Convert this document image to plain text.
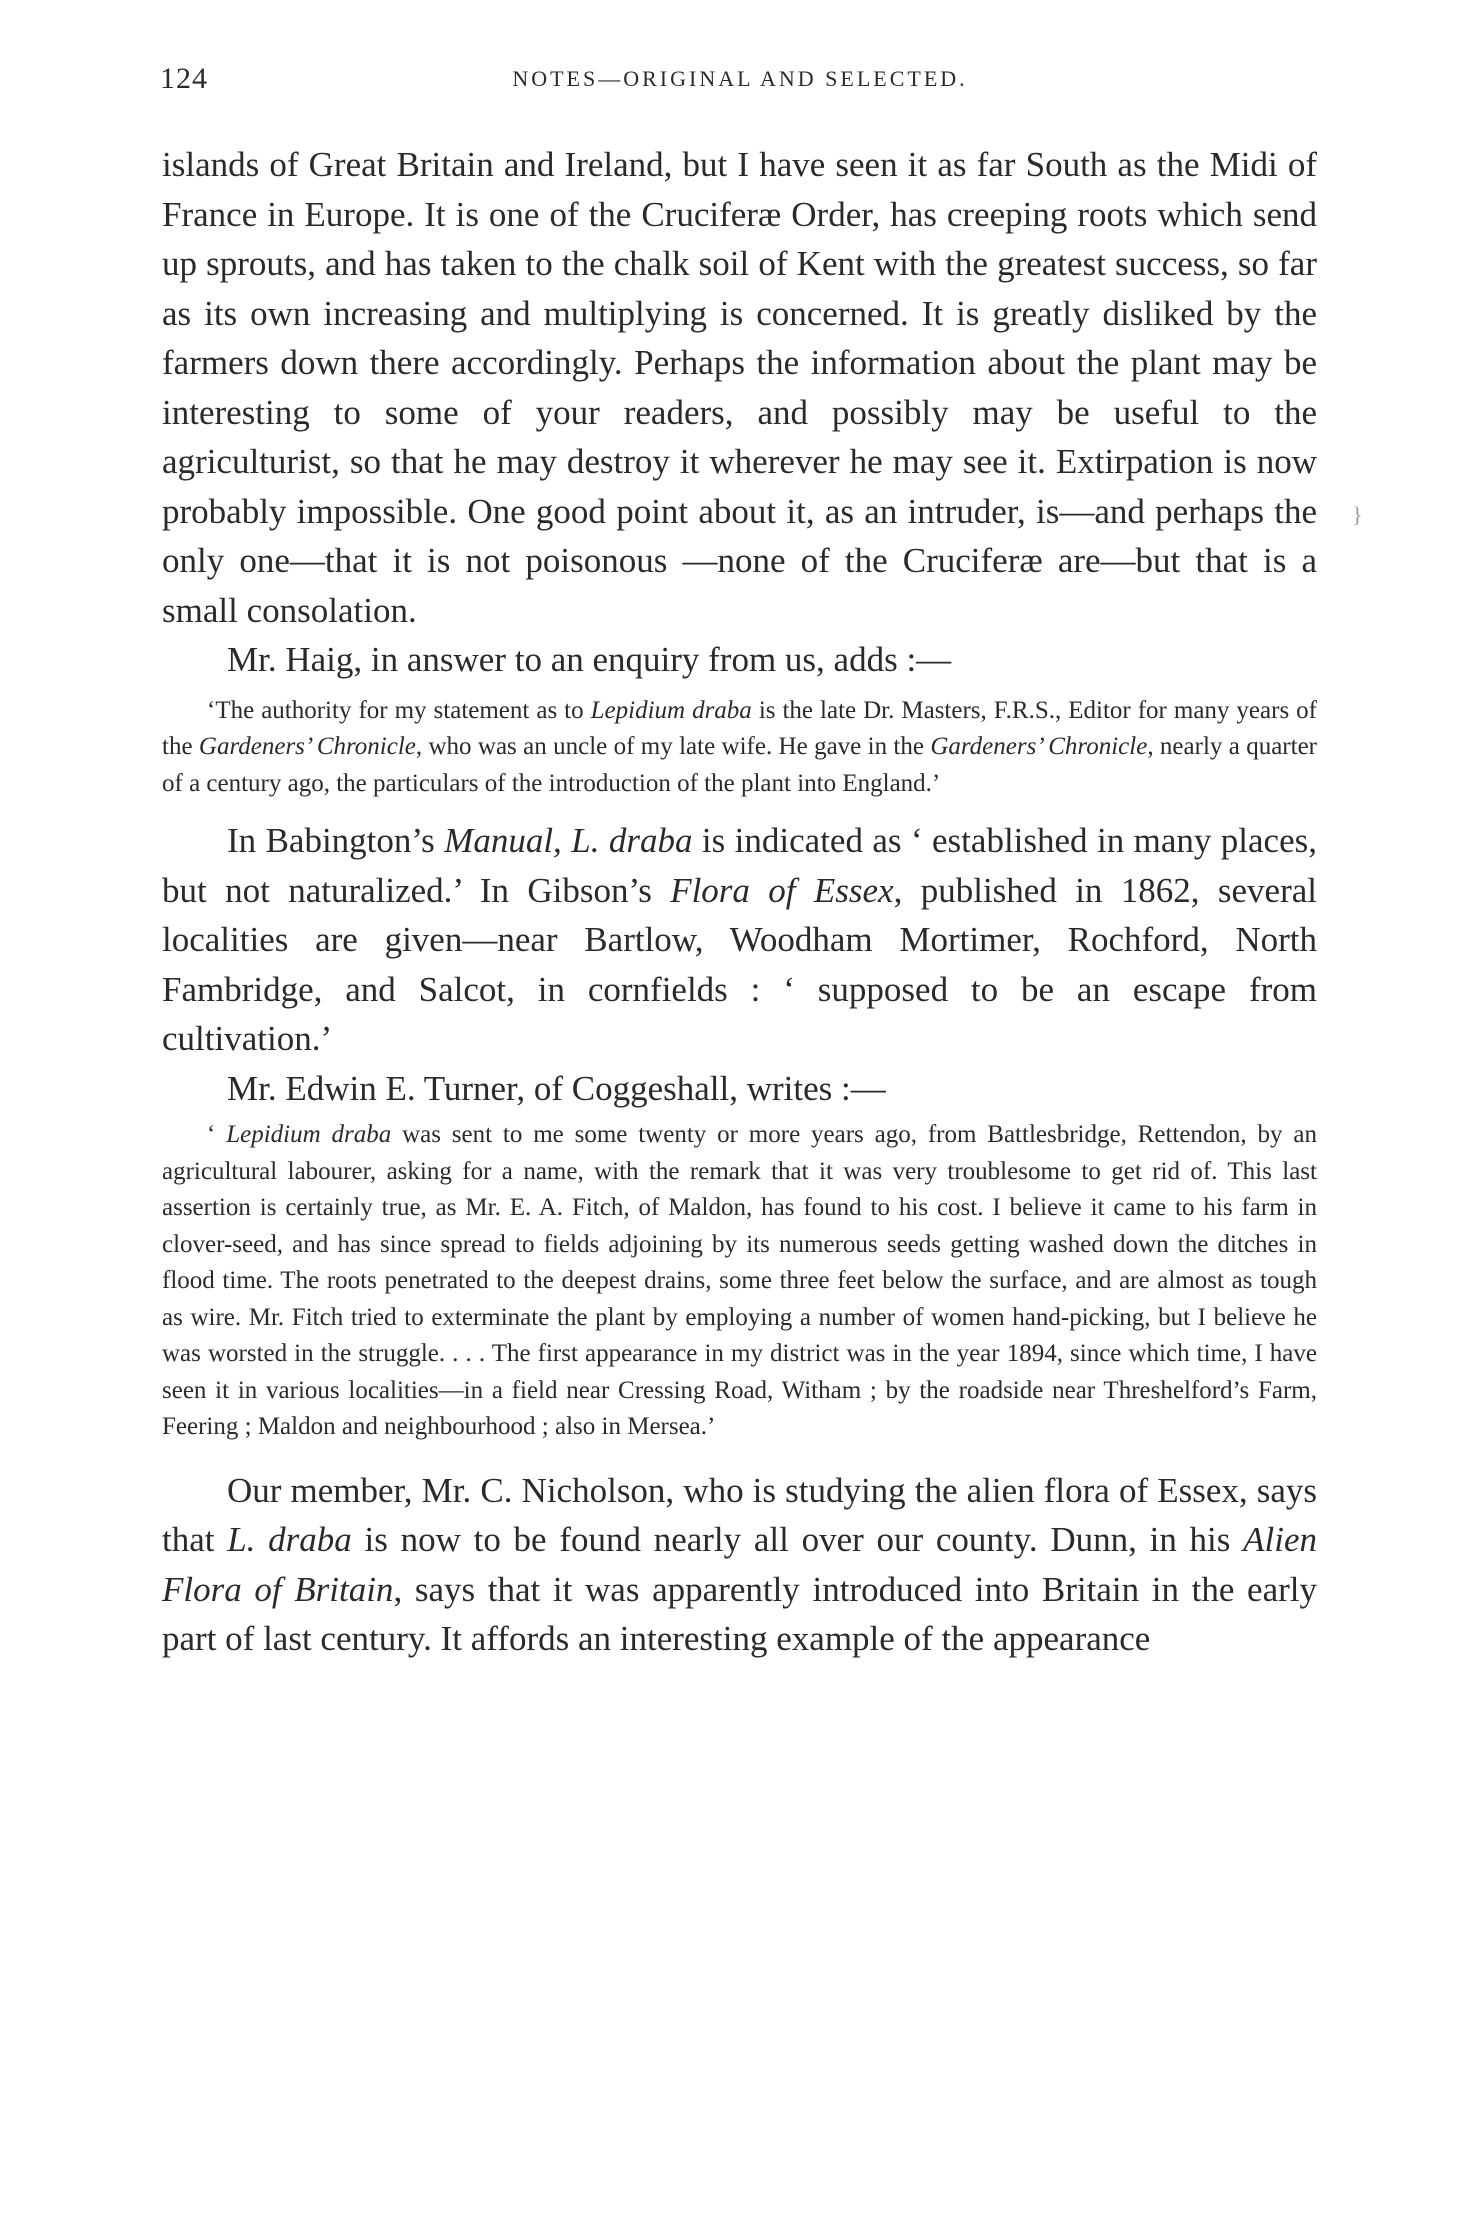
124	NOTES—ORIGINAL AND SELECTED.
}

islands of Great Britain and Ireland, but I have seen it as far South as the Midi of France in Europe. It is one of the Cruciferæ Order, has creeping roots which send up sprouts, and has taken to the chalk soil of Kent with the greatest success, so far as its own increasing and multiplying is concerned. It is greatly disliked by the farmers down there accordingly. Perhaps the information about the plant may be interesting to some of your readers, and possibly may be useful to the agriculturist, so that he may destroy it wherever he may see it. Extirpation is now probably impossible. One good point about it, as an intruder, is—and perhaps the only one—that it is not poisonous —none of the Cruciferæ are—but that is a small consolation.

Mr. Haig, in answer to an enquiry from us, adds :—

‘The authority for my statement as to Lepidium draba is the late Dr. Masters, F.R.S., Editor for many years of the Gardeners’ Chronicle, who was an uncle of my late wife. He gave in the Gardeners’ Chronicle, nearly a quarter of a century ago, the particulars of the introduction of the plant into England.’

In Babington’s Manual, L. draba is indicated as ‘ established in many places, but not naturalized.’ In Gibson’s Flora of Essex, published in 1862, several localities are given—near Bartlow, Woodham Mortimer, Rochford, North Fambridge, and Salcot, in cornfields : ‘ supposed to be an escape from cultivation.’

Mr. Edwin E. Turner, of Coggeshall, writes :—

‘ Lepidium draba was sent to me some twenty or more years ago, from Battlesbridge, Rettendon, by an agricultural labourer, asking for a name, with the remark that it was very troublesome to get rid of. This last assertion is certainly true, as Mr. E. A. Fitch, of Maldon, has found to his cost. I believe it came to his farm in clover-seed, and has since spread to fields adjoining by its numerous seeds getting washed down the ditches in flood time. The roots penetrated to the deepest drains, some three feet below the surface, and are almost as tough as wire. Mr. Fitch tried to exterminate the plant by employing a number of women hand-picking, but I believe he was worsted in the struggle. . . . The first appearance in my district was in the year 1894, since which time, I have seen it in various localities—in a field near Cressing Road, Witham ; by the roadside near Threshelford’s Farm, Feering ; Maldon and neighbourhood ; also in Mersea.’

Our member, Mr. C. Nicholson, who is studying the alien flora of Essex, says that L. draba is now to be found nearly all over our county. Dunn, in his Alien Flora of Britain, says that it was apparently introduced into Britain in the early part of last century. It affords an interesting example of the appearance
